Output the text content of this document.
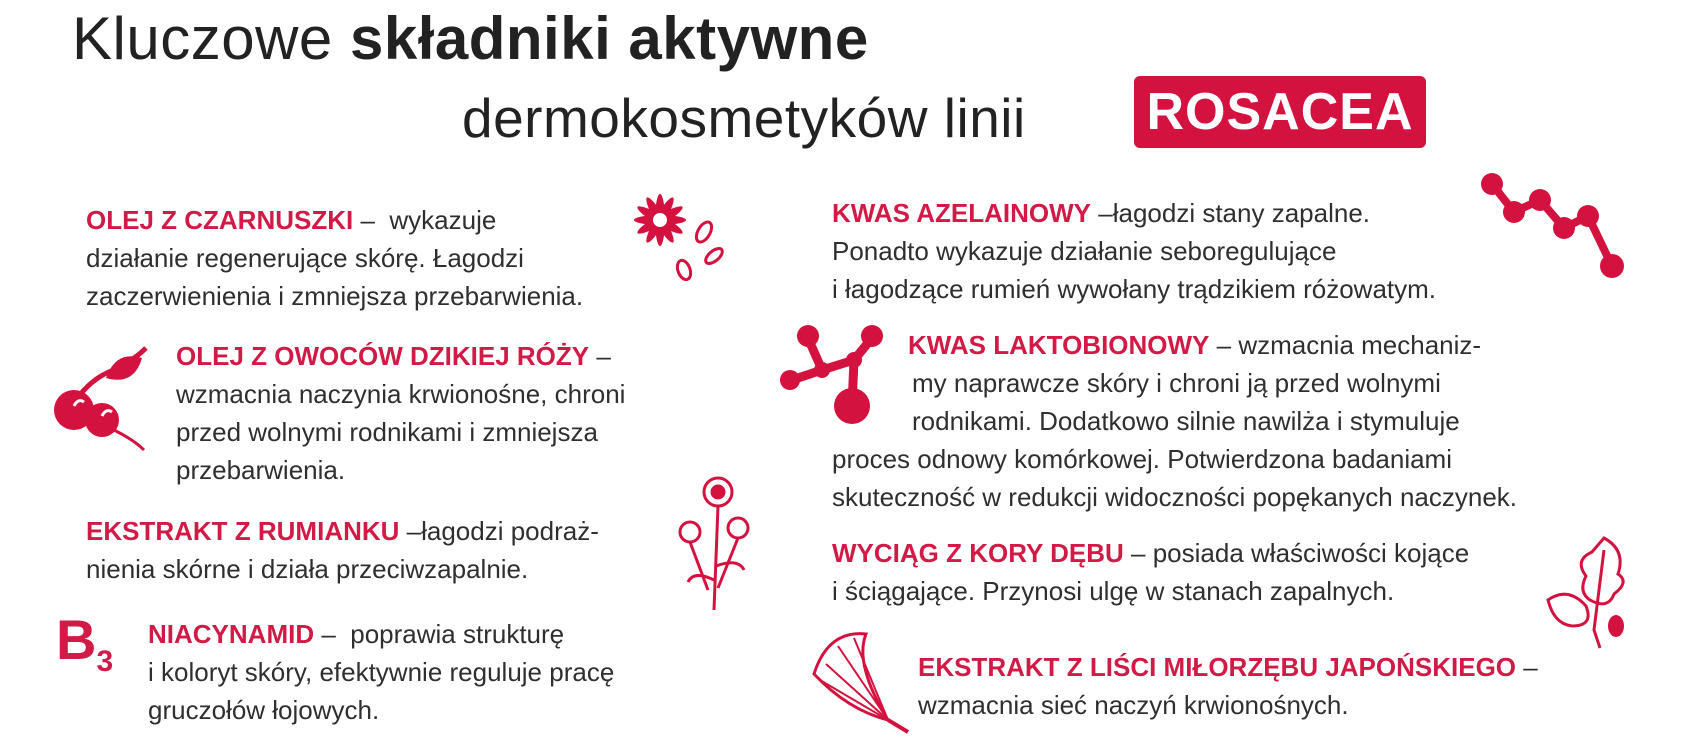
Kluczowe składniki aktywne
dermokosmetyków linii ROSACEA
OLEJ Z CZARNUSZKI –  wykazuje
działanie regenerujące skórę. Łagodzi
zaczerwienienia i zmniejsza przebarwienia.
OLEJ Z OWOCÓW DZIKIEJ RÓŻY –
wzmacnia naczynia krwionośne, chroni
przed wolnymi rodnikami i zmniejsza
przebarwienia.
EKSTRAKT Z RUMIANKU –łagodzi podraż-
nienia skórne i działa przeciwzapalnie.
$B_3$
NIACYNAMID –  poprawia strukturę
i koloryt skóry, efektywnie reguluje pracę
gruczołów łojowych.
KWAS AZELAINOWY –łagodzi stany zapalne.
Ponadto wykazuje działanie seboregulujące
i łagodzące rumień wywołany trądzikiem różowatym.
KWAS LAKTOBIONOWY – wzmacnia mechaniz-
my naprawcze skóry i chroni ją przed wolnymi
rodnikami. Dodatkowo silnie nawilża i stymuluje
proces odnowy komórkowej. Potwierdzona badaniami
skuteczność w redukcji widoczności popękanych naczynek.
WYCIĄG Z KORY DĘBU – posiada właściwości kojące
i ściągające. Przynosi ulgę w stanach zapalnych.
EKSTRAKT Z LIŚCI MIŁORZĘBU JAPOŃSKIEGO –
wzmacnia sieć naczyń krwionośnych.
